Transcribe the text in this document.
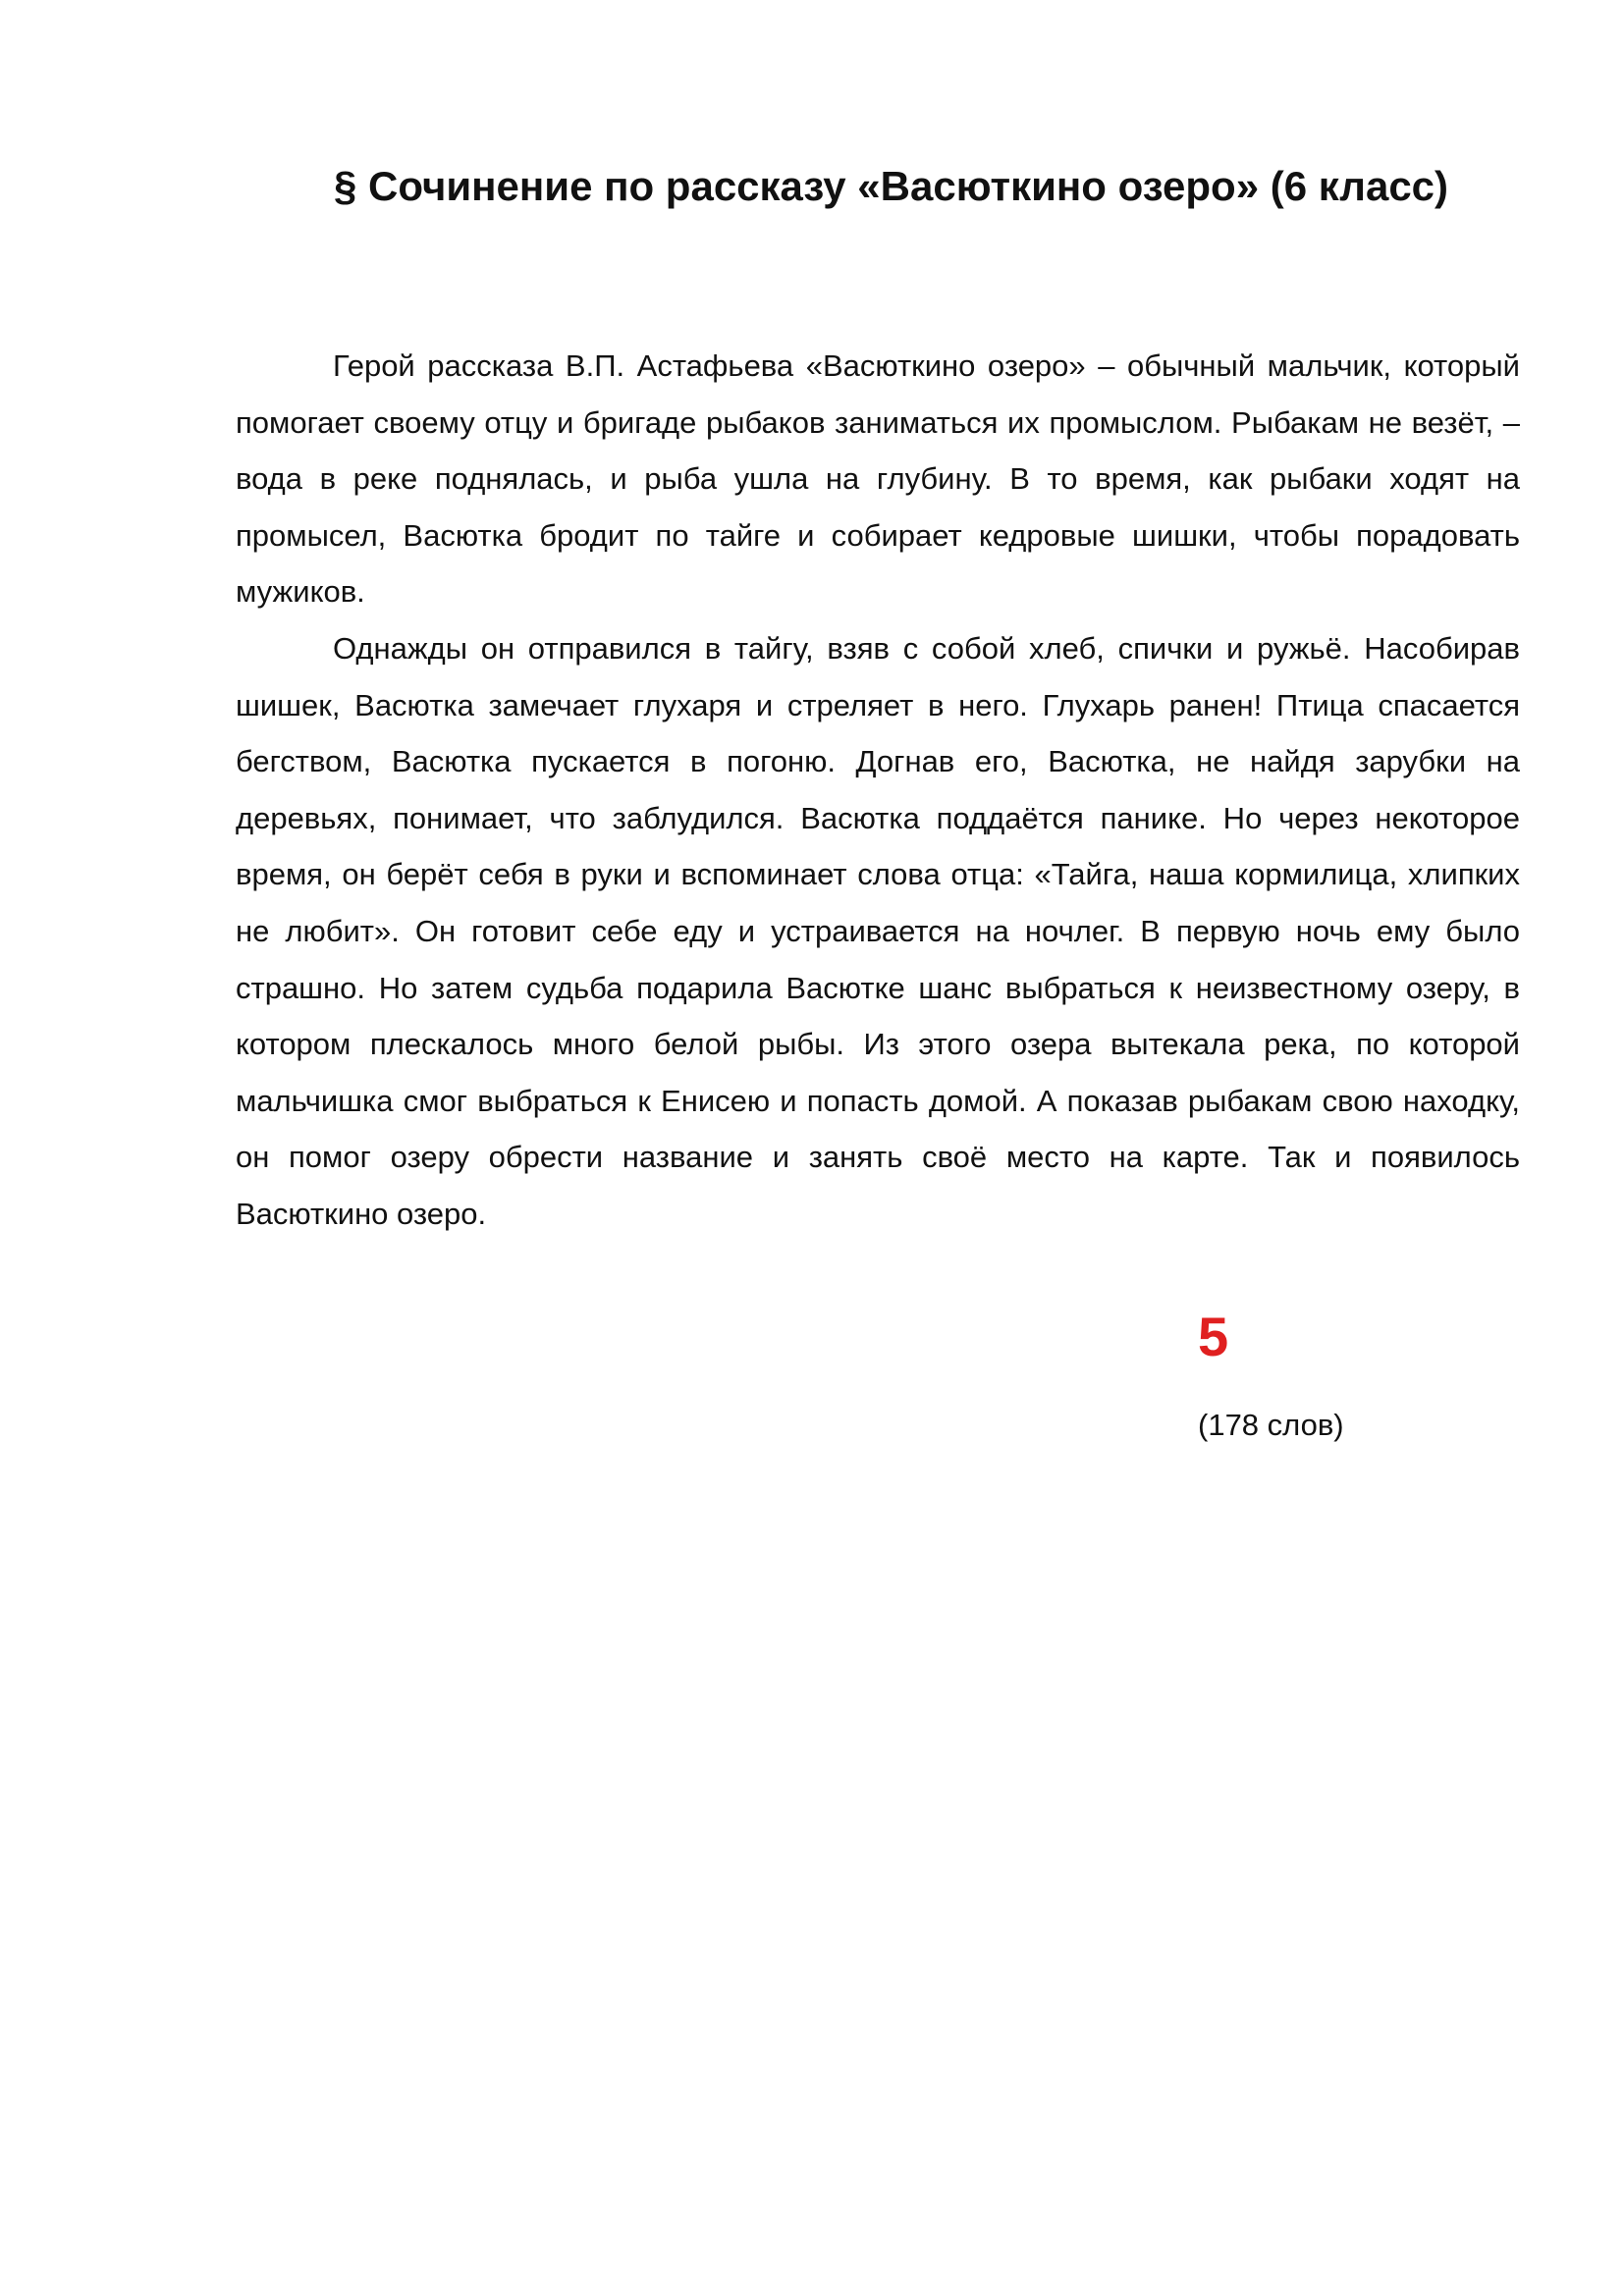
§ Сочинение по рассказу «Васюткино озеро» (6 класс)

Герой рассказа В.П. Астафьева «Васюткино озеро» – обычный мальчик, который помогает своему отцу и бригаде рыбаков заниматься их промыслом. Рыбакам не везёт, – вода в реке поднялась, и рыба ушла на глубину. В то время, как рыбаки ходят на промысел, Васютка бродит по тайге и собирает кедровые шишки, чтобы порадовать мужиков.

Однажды он отправился в тайгу, взяв с собой хлеб, спички и ружьё. Насобирав шишек, Васютка замечает глухаря и стреляет в него. Глухарь ранен! Птица спасается бегством, Васютка пускается в погоню. Догнав его, Васютка, не найдя зарубки на деревьях, понимает, что заблудился. Васютка поддаётся панике. Но через некоторое время, он берёт себя в руки и вспоминает слова отца: «Тайга, наша кормилица, хлипких не любит». Он готовит себе еду и устраивается на ночлег. В первую ночь ему было страшно. Но затем судьба подарила Васютке шанс выбраться к неизвестному озеру, в котором плескалось много белой рыбы. Из этого озера вытекала река, по которой мальчишка смог выбраться к Енисею и попасть домой. А показав рыбакам свою находку, он помог озеру обрести название и занять своё место на карте. Так и появилось Васюткино озеро.

5
(178 слов)
